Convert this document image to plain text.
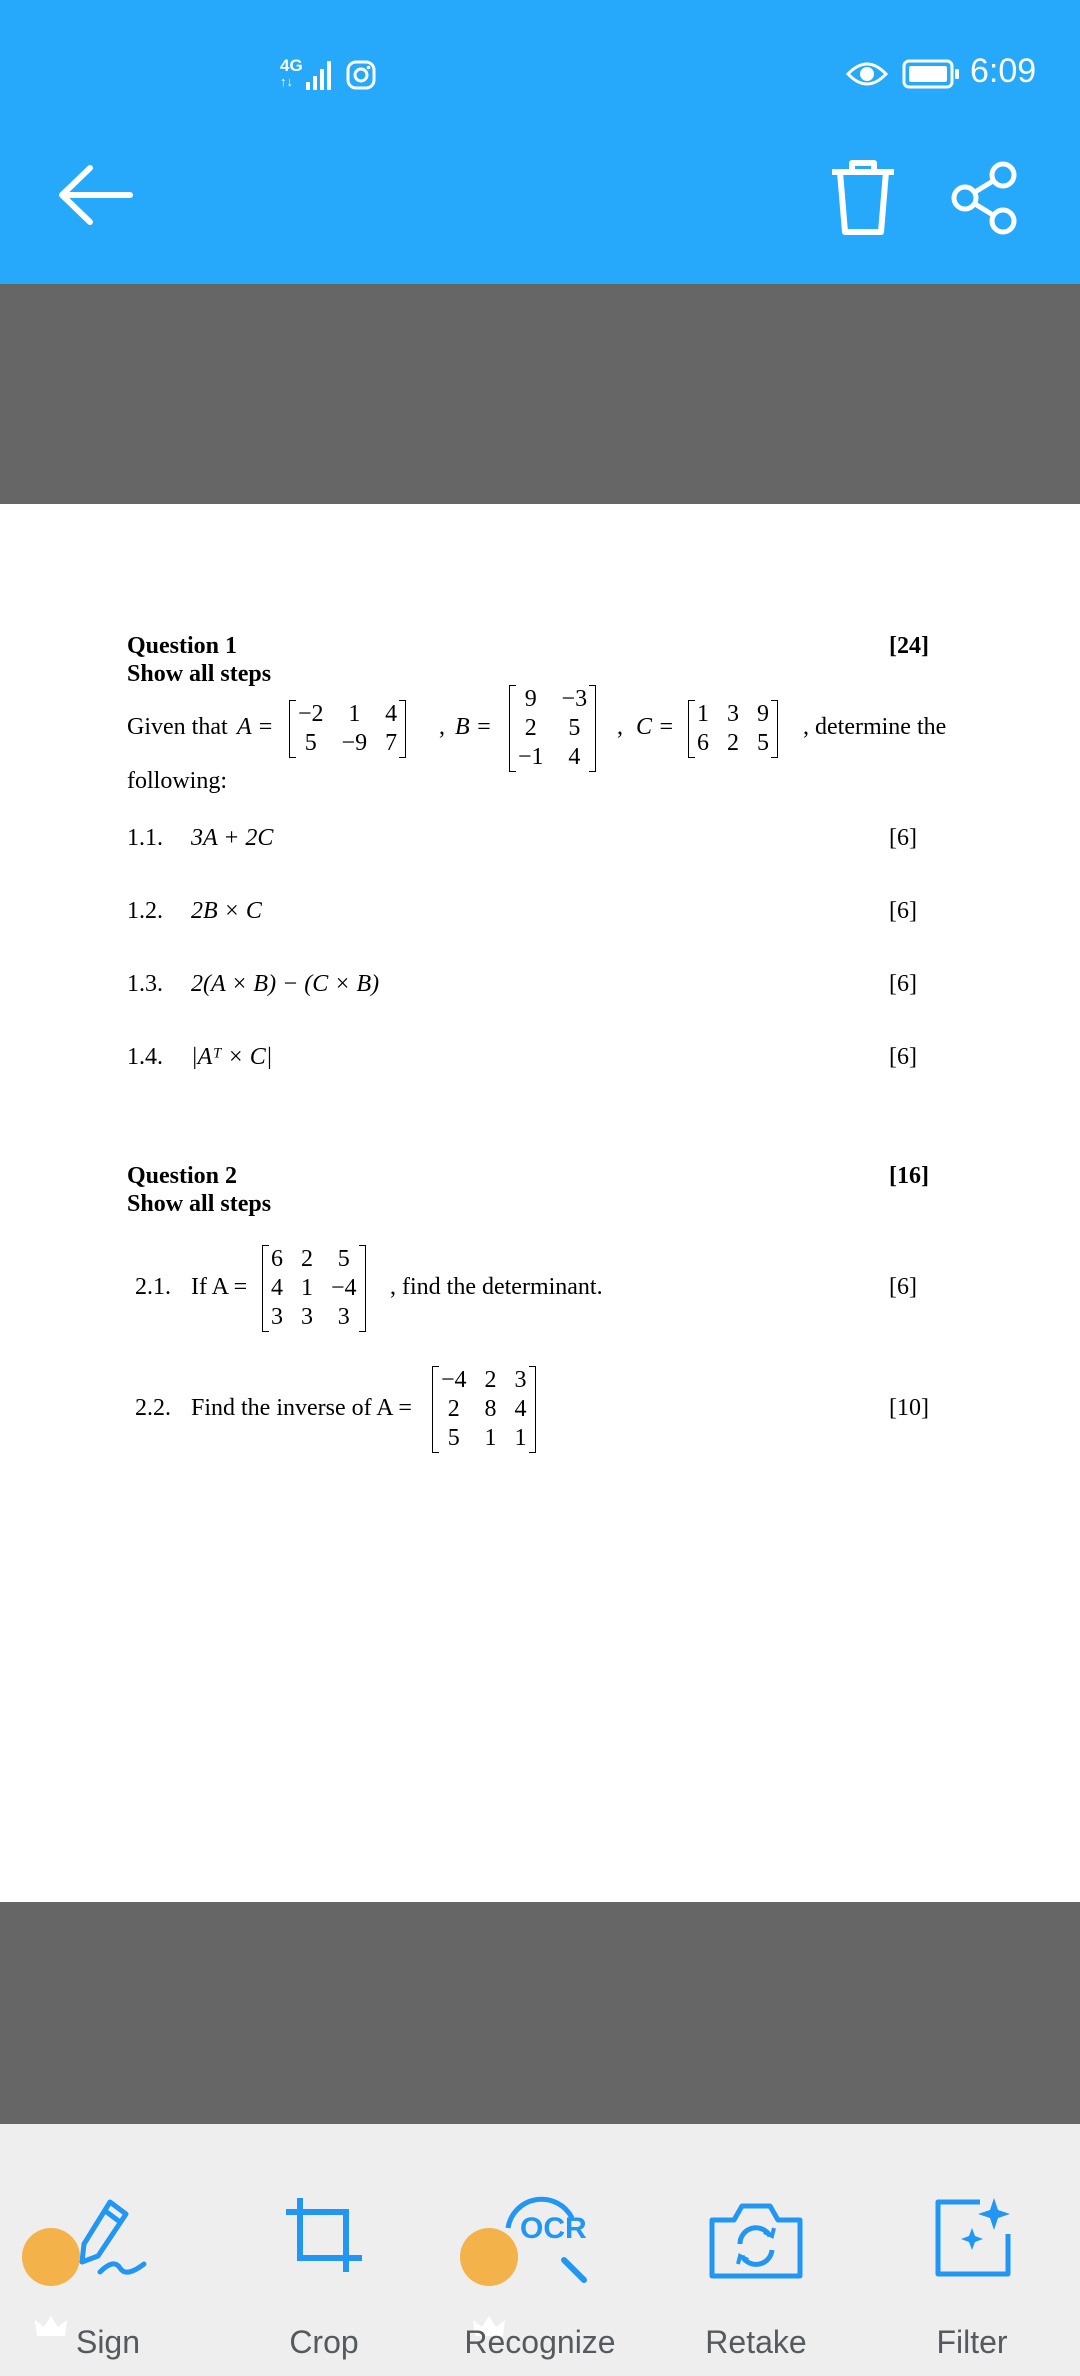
4G
↑↓	6:09
Question 1	[24]
Show all steps
Given that A = −2	1	4
5	−9	7
, B =
9	−3
2	5
−1	4
, C = 1	3	9
6	2	5
, determine the
following:
1.1. 3A + 2C	[6]
1.2. 2B × C	[6]
1.3. 2(A × B) − (C × B)	[6]
1.4. |Aᵀ × C|	[6]
Question 2	[16]
Show all steps
2.1. If A =
6	2	5
4	1	−4
3	3	3
, find the determinant.	[6]
2.2. Find the inverse of A =
−4	2	3
2	8	4
5	1	1
[10]
Sign	Crop
OCR
Recognize	Retake	Filter
